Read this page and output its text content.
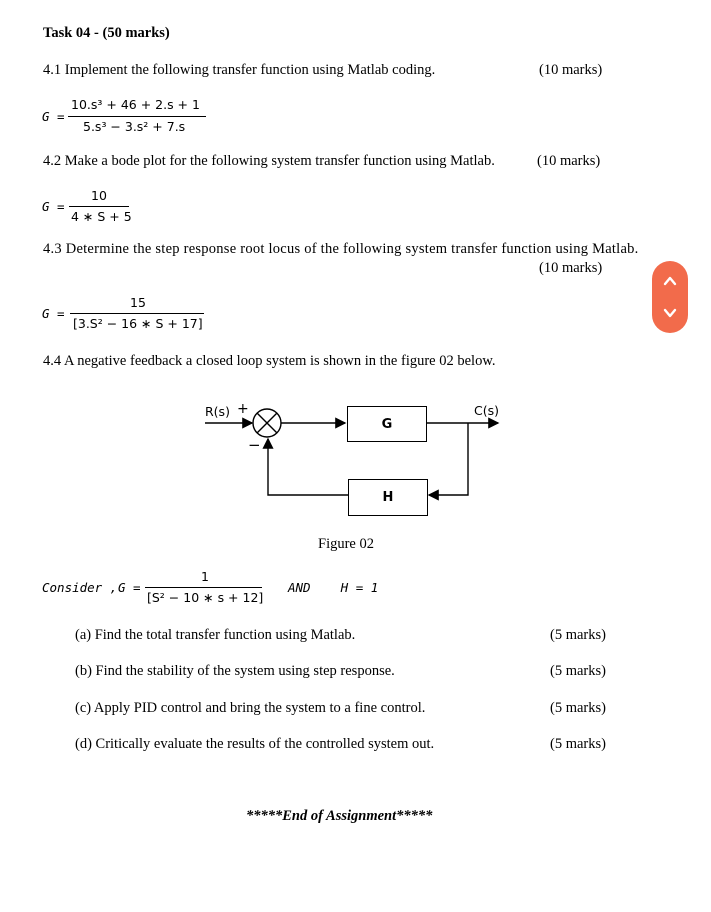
Task 04 - (50 marks)
4.1 Implement the following transfer function using Matlab coding.	(10 marks)
G =
10.s³ + 46 + 2.s + 1
5.s³ − 3.s² + 7.s
4.2 Make a bode plot for the following system transfer function using Matlab.	(10 marks)
G =
10
4 ∗ S + 5
4.3 Determine the step response root locus of the following system transfer function using Matlab.
(10 marks)
G =
15
[3.S² − 16 ∗ S + 17]
4.4 A negative feedback a closed loop system is shown in the figure 02 below.
G
H
R(s) +
−
C(s)
Figure 02
Consider , G =
1
[S² − 10 ∗ s + 12]
AND    H = 1
(a) Find the total transfer function using Matlab.	(5 marks)
(b) Find the stability of the system using step response.	(5 marks)
(c) Apply PID control and bring the system to a fine control.	(5 marks)
(d) Critically evaluate the results of the controlled system out.	(5 marks)
*****End of Assignment*****
